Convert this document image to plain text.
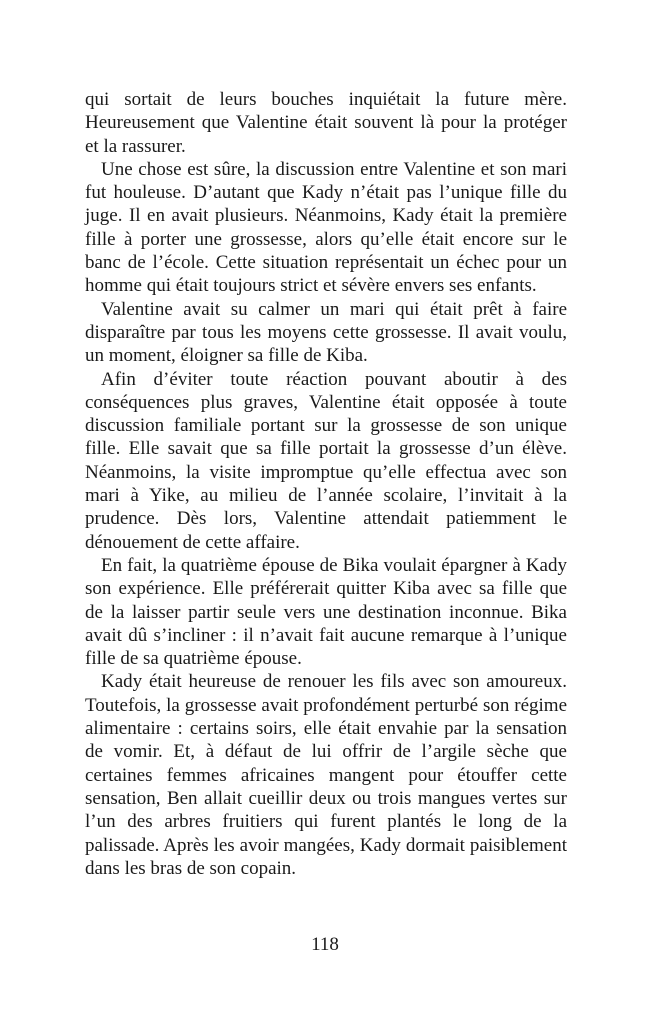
qui sortait de leurs bouches inquiétait la future mère. Heureusement que Valentine était souvent là pour la protéger et la rassurer.

Une chose est sûre, la discussion entre Valentine et son mari fut houleuse. D’autant que Kady n’était pas l’unique fille du juge. Il en avait plusieurs. Néanmoins, Kady était la première fille à porter une grossesse, alors qu’elle était encore sur le banc de l’école. Cette situation représentait un échec pour un homme qui était toujours strict et sévère envers ses enfants.

Valentine avait su calmer un mari qui était prêt à faire disparaître par tous les moyens cette grossesse. Il avait voulu, un moment, éloigner sa fille de Kiba.

Afin d’éviter toute réaction pouvant aboutir à des conséquences plus graves, Valentine était opposée à toute discussion familiale portant sur la grossesse de son unique fille. Elle savait que sa fille portait la grossesse d’un élève. Néanmoins, la visite impromptue qu’elle effectua avec son mari à Yike, au milieu de l’année scolaire, l’invitait à la prudence. Dès lors, Valentine attendait patiemment le dénouement de cette affaire.

En fait, la quatrième épouse de Bika voulait épargner à Kady son expérience. Elle préférerait quitter Kiba avec sa fille que de la laisser partir seule vers une destination inconnue. Bika avait dû s’incliner : il n’avait fait aucune remarque à l’unique fille de sa quatrième épouse.

Kady était heureuse de renouer les fils avec son amoureux. Toutefois, la grossesse avait profondément perturbé son régime alimentaire : certains soirs, elle était envahie par la sensation de vomir. Et, à défaut de lui offrir de l’argile sèche que certaines femmes africaines mangent pour étouffer cette sensation, Ben allait cueillir deux ou trois mangues vertes sur l’un des arbres fruitiers qui furent plantés le long de la palissade. Après les avoir mangées, Kady dormait paisiblement dans les bras de son copain.

118
